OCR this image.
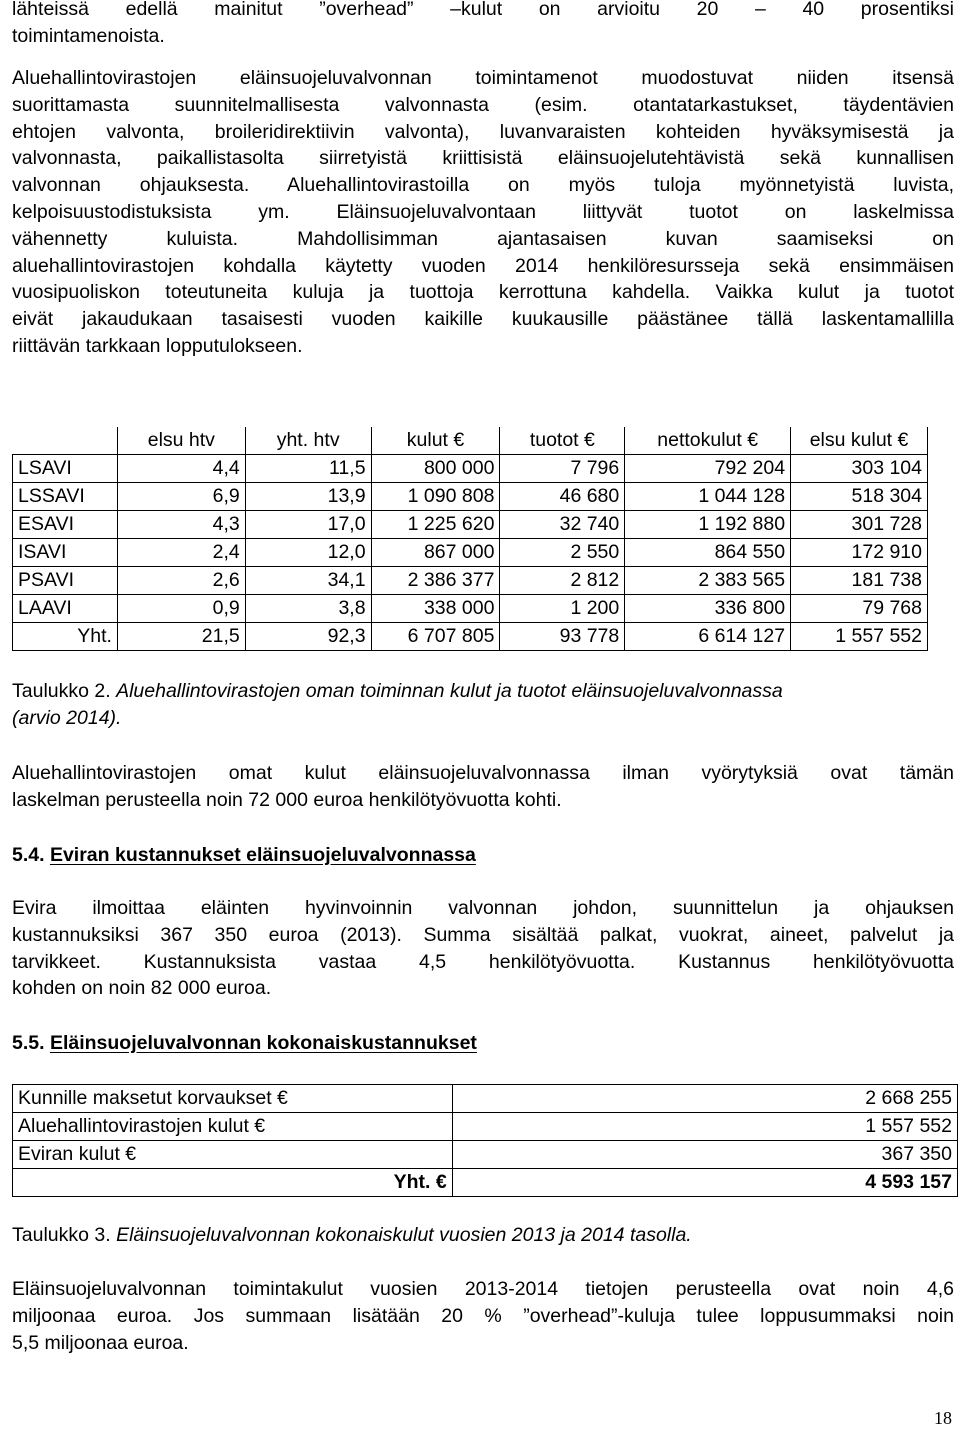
lähteissä edellä mainitut ”overhead” –kulut on arvioitu 20 – 40 prosentiksi
toimintamenoista.
Aluehallintovirastojen eläinsuojeluvalvonnan toimintamenot muodostuvat niiden itsensä
suorittamasta suunnitelmallisesta valvonnasta (esim. otantatarkastukset, täydentävien
ehtojen valvonta, broileridirektiivin valvonta), luvanvaraisten kohteiden hyväksymisestä ja
valvonnasta, paikallistasolta siirretyistä kriittisistä eläinsuojelutehtävistä sekä kunnallisen
valvonnan ohjauksesta. Aluehallintovirastoilla on myös tuloja myönnetyistä luvista,
kelpoisuustodistuksista ym. Eläinsuojeluvalvontaan liittyvät tuotot on laskelmissa
vähennetty kuluista. Mahdollisimman ajantasaisen kuvan saamiseksi on
aluehallintovirastojen kohdalla käytetty vuoden 2014 henkilöresursseja sekä ensimmäisen
vuosipuoliskon toteutuneita kuluja ja tuottoja kerrottuna kahdella. Vaikka kulut ja tuotot
eivät jakaudukaan tasaisesti vuoden kaikille kuukausille päästänee tällä laskentamallilla
riittävän tarkkaan lopputulokseen.
	elsu htv	yht. htv	kulut €	tuotot €	nettokulut €	elsu kulut €
LSAVI	4,4	11,5	800 000	7 796	792 204	303 104
LSSAVI	6,9	13,9	1 090 808	46 680	1 044 128	518 304
ESAVI	4,3	17,0	1 225 620	32 740	1 192 880	301 728
ISAVI	2,4	12,0	867 000	2 550	864 550	172 910
PSAVI	2,6	34,1	2 386 377	2 812	2 383 565	181 738
LAAVI	0,9	3,8	338 000	1 200	336 800	79 768
Yht.	21,5	92,3	6 707 805	93 778	6 614 127	1 557 552
Taulukko 2. Aluehallintovirastojen oman toiminnan kulut ja tuotot eläinsuojeluvalvonnassa
(arvio 2014).
Aluehallintovirastojen omat kulut eläinsuojeluvalvonnassa ilman vyörytyksiä ovat tämän
laskelman perusteella noin 72 000 euroa henkilötyövuotta kohti.
5.4. Eviran kustannukset eläinsuojeluvalvonnassa
Evira ilmoittaa eläinten hyvinvoinnin valvonnan johdon, suunnittelun ja ohjauksen
kustannuksiksi 367 350 euroa (2013). Summa sisältää palkat, vuokrat, aineet, palvelut ja
tarvikkeet. Kustannuksista vastaa 4,5 henkilötyövuotta. Kustannus henkilötyövuotta
kohden on noin 82 000 euroa.
5.5. Eläinsuojeluvalvonnan kokonaiskustannukset
Kunnille maksetut korvaukset €	2 668 255
Aluehallintovirastojen kulut €	1 557 552
Eviran kulut €	367 350
Yht. €	4 593 157
Taulukko 3. Eläinsuojeluvalvonnan kokonaiskulut vuosien 2013 ja 2014 tasolla.
Eläinsuojeluvalvonnan toimintakulut vuosien 2013-2014 tietojen perusteella ovat noin 4,6
miljoonaa euroa. Jos summaan lisätään 20 % ”overhead”-kuluja tulee loppusummaksi noin
5,5 miljoonaa euroa.
18
